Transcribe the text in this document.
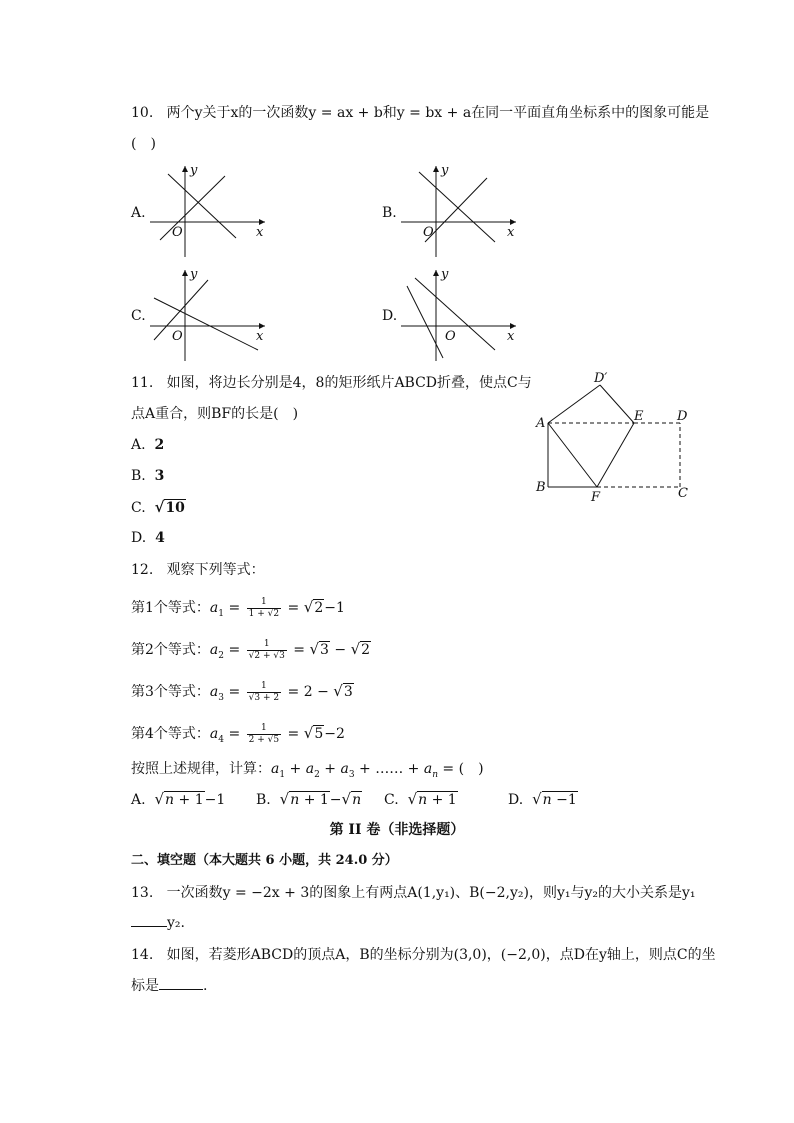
10. 两个y关于x的一次函数y = ax + b和y = bx + a在同一平面直角坐标系中的图象可能是
(　)
A.
y
O	x
B.
y
O	x
C.
y
O	x
D.
y
O	x
11. 如图，将边长分别是4，8的矩形纸片ABCD折叠，使点C与
点A重合，则BF的长是(　)
A. 2
B. 3
C. √10
D. 4
D′
A	E	D
B
F	C
12. 观察下列等式：
第1个等式：$a_1 = \frac{1}{1 + √2} = √2-1$
第2个等式：$a_2 = \frac{1}{√2 + √3} = √3 - √2$
第3个等式：$a_3 = \frac{1}{√3 + 2} = 2 - √3$
第4个等式：$a_4 = \frac{1}{2 + √5} = √5-2$
按照上述规律，计算：$a_1 + a_2 + a_3$ + …… + $a_n$ = (　)
A. √n + 1−1 B. √n + 1−√n C. √n + 1	D. √n −1
第 II 卷（非选择题）
二、填空题（本大题共 6 小题，共 24.0 分）
13. 一次函数y = −2x + 3的图象上有两点A(1,y₁)、B(−2,y₂)，则y₁与y₂的大小关系是y₁
y₂.
14. 如图，若菱形ABCD的顶点A，B的坐标分别为(3,0)，(−2,0)，点D在y轴上，则点C的坐
标是	.
